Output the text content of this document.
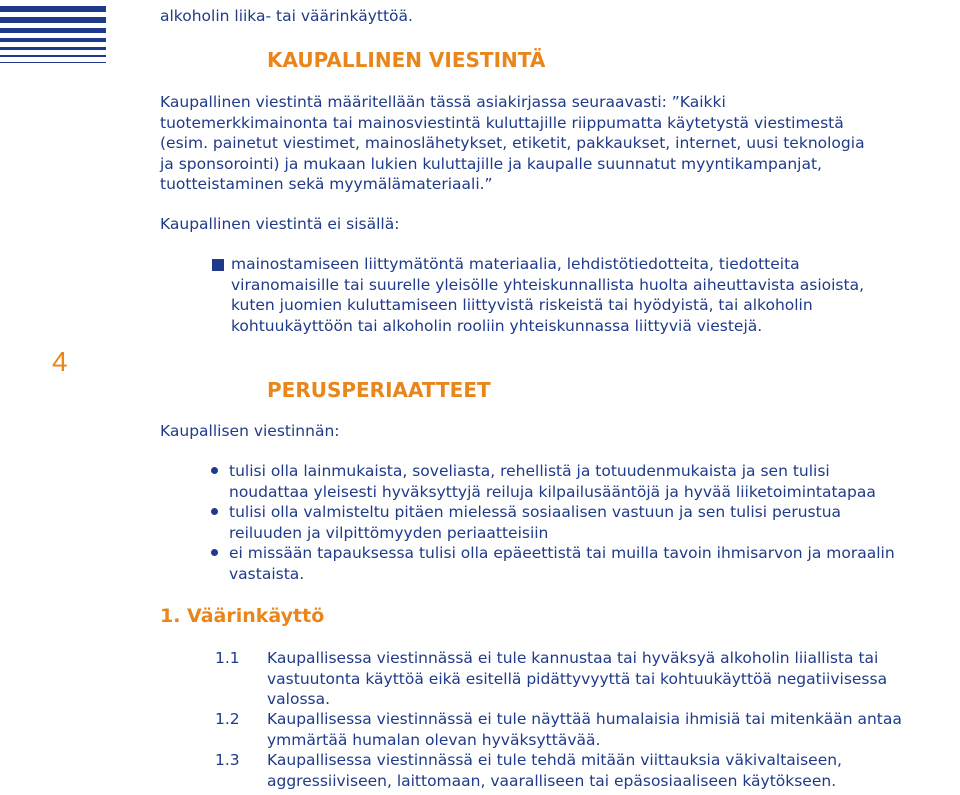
4
alkoholin liika- tai väärinkäyttöä.
KAUPALLINEN VIESTINTÄ
Kaupallinen viestintä määritellään tässä asiakirjassa seuraavasti: ”Kaikki
tuotemerkkimainonta tai mainosviestintä kuluttajille riippumatta käytetystä viestimestä
(esim. painetut viestimet, mainoslähetykset, etiketit, pakkaukset, internet, uusi teknologia
ja sponsorointi) ja mukaan lukien kuluttajille ja kaupalle suunnatut myyntikampanjat,
tuotteistaminen sekä myymälämateriaali.”
Kaupallinen viestintä ei sisällä:
mainostamiseen liittymätöntä materiaalia, lehdistötiedotteita, tiedotteita
viranomaisille tai suurelle yleisölle yhteiskunnallista huolta aiheuttavista asioista,
kuten juomien kuluttamiseen liittyvistä riskeistä tai hyödyistä, tai alkoholin
kohtuukäyttöön tai alkoholin rooliin yhteiskunnassa liittyviä viestejä.
PERUSPERIAATTEET
Kaupallisen viestinnän:
tulisi olla lainmukaista, soveliasta, rehellistä ja totuudenmukaista ja sen tulisi
noudattaa yleisesti hyväksyttyjä reiluja kilpailusääntöjä ja hyvää liiketoimintatapaa
tulisi olla valmisteltu pitäen mielessä sosiaalisen vastuun ja sen tulisi perustua
reiluuden ja vilpittömyyden periaatteisiin
ei missään tapauksessa tulisi olla epäeettistä tai muilla tavoin ihmisarvon ja moraalin
vastaista.
1. Väärinkäyttö
1.1 Kaupallisessa viestinnässä ei tule kannustaa tai hyväksyä alkoholin liiallista tai
vastuutonta käyttöä eikä esitellä pidättyvyyttä tai kohtuukäyttöä negatiivisessa
valossa.
1.2 Kaupallisessa viestinnässä ei tule näyttää humalaisia ihmisiä tai mitenkään antaa
ymmärtää humalan olevan hyväksyttävää.
1.3 Kaupallisessa viestinnässä ei tule tehdä mitään viittauksia väkivaltaiseen,
aggressiiviseen, laittomaan, vaaralliseen tai epäsosiaaliseen käytökseen.
